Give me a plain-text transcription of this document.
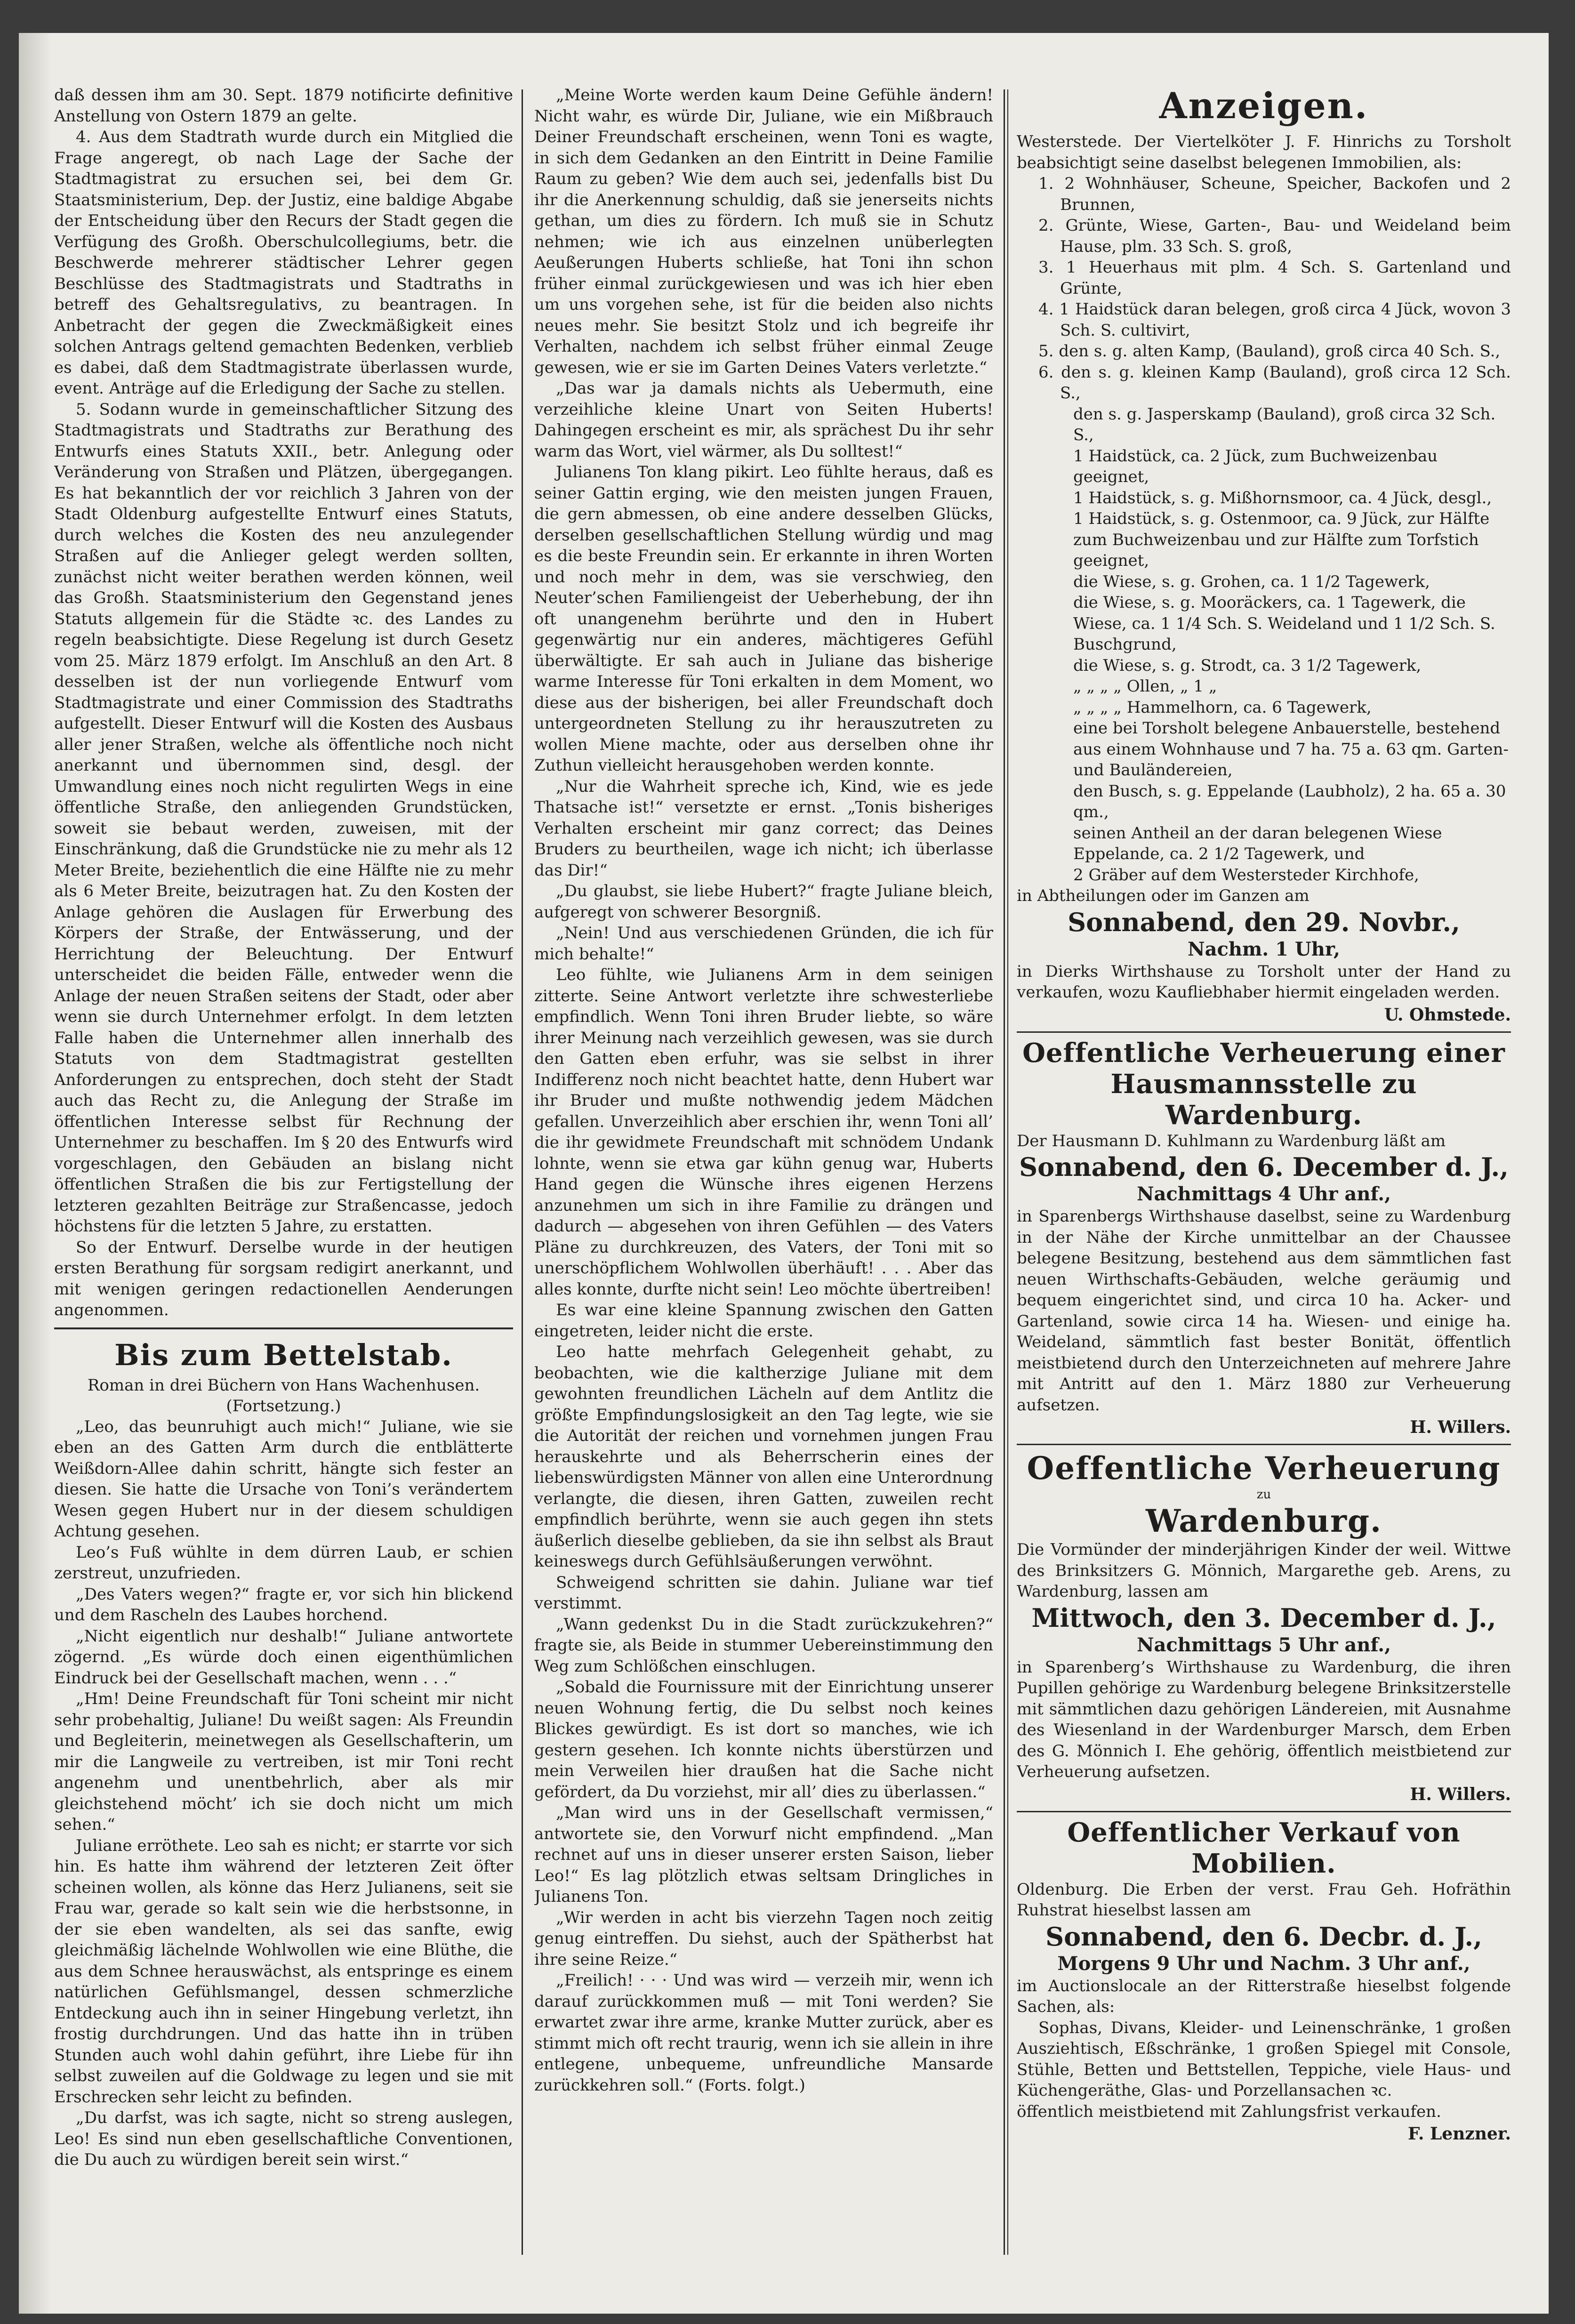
daß dessen ihm am 30. Sept. 1879 notificirte definitive Anstellung von Ostern 1879 an gelte.

4. Aus dem Stadtrath wurde durch ein Mitglied die Frage angeregt, ob nach Lage der Sache der Stadtmagistrat zu ersuchen sei, bei dem Gr. Staatsministerium, Dep. der Justiz, eine baldige Abgabe der Entscheidung über den Recurs der Stadt gegen die Verfügung des Großh. Oberschulcollegiums, betr. die Beschwerde mehrerer städtischer Lehrer gegen Beschlüsse des Stadtmagistrats und Stadtraths in betreff des Gehaltsregulativs, zu beantragen. In Anbetracht der gegen die Zweckmäßigkeit eines solchen Antrags geltend gemachten Bedenken, verblieb es dabei, daß dem Stadtmagistrate überlassen wurde, event. Anträge auf die Erledigung der Sache zu stellen.

5. Sodann wurde in gemeinschaftlicher Sitzung des Stadtmagistrats und Stadtraths zur Berathung des Entwurfs eines Statuts XXII., betr. Anlegung oder Veränderung von Straßen und Plätzen, übergegangen. Es hat bekanntlich der vor reichlich 3 Jahren von der Stadt Oldenburg aufgestellte Entwurf eines Statuts, durch welches die Kosten des neu anzulegender Straßen auf die Anlieger gelegt werden sollten, zunächst nicht weiter berathen werden können, weil das Großh. Staatsministerium den Gegenstand jenes Statuts allgemein für die Städte ꝛc. des Landes zu regeln beabsichtigte. Diese Regelung ist durch Gesetz vom 25. März 1879 erfolgt. Im Anschluß an den Art. 8 desselben ist der nun vorliegende Entwurf vom Stadtmagistrate und einer Commission des Stadtraths aufgestellt. Dieser Entwurf will die Kosten des Ausbaus aller jener Straßen, welche als öffentliche noch nicht anerkannt und übernommen sind, desgl. der Umwandlung eines noch nicht regulirten Wegs in eine öffentliche Straße, den anliegenden Grundstücken, soweit sie bebaut werden, zuweisen, mit der Einschränkung, daß die Grundstücke nie zu mehr als 12 Meter Breite, beziehentlich die eine Hälfte nie zu mehr als 6 Meter Breite, beizutragen hat. Zu den Kosten der Anlage gehören die Auslagen für Erwerbung des Körpers der Straße, der Entwässerung, und der Herrichtung der Beleuchtung. Der Entwurf unterscheidet die beiden Fälle, entweder wenn die Anlage der neuen Straßen seitens der Stadt, oder aber wenn sie durch Unternehmer erfolgt. In dem letzten Falle haben die Unternehmer allen innerhalb des Statuts von dem Stadtmagistrat gestellten Anforderungen zu entsprechen, doch steht der Stadt auch das Recht zu, die Anlegung der Straße im öffentlichen Interesse selbst für Rechnung der Unternehmer zu beschaffen. Im § 20 des Entwurfs wird vorgeschlagen, den Gebäuden an bislang nicht öffentlichen Straßen die bis zur Fertigstellung der letzteren gezahlten Beiträge zur Straßencasse, jedoch höchstens für die letzten 5 Jahre, zu erstatten.

So der Entwurf. Derselbe wurde in der heutigen ersten Berathung für sorgsam redigirt anerkannt, und mit wenigen geringen redactionellen Aenderungen angenommen.

Bis zum Bettelstab.
Roman in drei Büchern von Hans Wachenhusen.
(Fortsetzung.)

„Leo, das beunruhigt auch mich!“ Juliane, wie sie eben an des Gatten Arm durch die entblätterte Weißdorn-Allee dahin schritt, hängte sich fester an diesen. Sie hatte die Ursache von Toni’s verändertem Wesen gegen Hubert nur in der diesem schuldigen Achtung gesehen.

Leo’s Fuß wühlte in dem dürren Laub, er schien zerstreut, unzufrieden.

„Des Vaters wegen?“ fragte er, vor sich hin blickend und dem Rascheln des Laubes horchend.

„Nicht eigentlich nur deshalb!“ Juliane antwortete zögernd. „Es würde doch einen eigenthümlichen Eindruck bei der Gesellschaft machen, wenn . . .“

„Hm! Deine Freundschaft für Toni scheint mir nicht sehr probehaltig, Juliane! Du weißt sagen: Als Freundin und Begleiterin, meinetwegen als Gesellschafterin, um mir die Langweile zu vertreiben, ist mir Toni recht angenehm und unentbehrlich, aber als mir gleichstehend möcht’ ich sie doch nicht um mich sehen.“

Juliane erröthete. Leo sah es nicht; er starrte vor sich hin. Es hatte ihm während der letzteren Zeit öfter scheinen wollen, als könne das Herz Julianens, seit sie Frau war, gerade so kalt sein wie die herbstsonne, in der sie eben wandelten, als sei das sanfte, ewig gleichmäßig lächelnde Wohlwollen wie eine Blüthe, die aus dem Schnee herauswächst, als entspringe es einem natürlichen Gefühlsmangel, dessen schmerzliche Entdeckung auch ihn in seiner Hingebung verletzt, ihn frostig durchdrungen. Und das hatte ihn in trüben Stunden auch wohl dahin geführt, ihre Liebe für ihn selbst zuweilen auf die Goldwage zu legen und sie mit Erschrecken sehr leicht zu befinden.

„Du darfst, was ich sagte, nicht so streng auslegen, Leo! Es sind nun eben gesellschaftliche Conventionen, die Du auch zu würdigen bereit sein wirst.“

„Meine Worte werden kaum Deine Gefühle ändern! Nicht wahr, es würde Dir, Juliane, wie ein Mißbrauch Deiner Freundschaft erscheinen, wenn Toni es wagte, in sich dem Gedanken an den Eintritt in Deine Familie Raum zu geben? Wie dem auch sei, jedenfalls bist Du ihr die Anerkennung schuldig, daß sie jenerseits nichts gethan, um dies zu fördern. Ich muß sie in Schutz nehmen; wie ich aus einzelnen unüberlegten Aeußerungen Huberts schließe, hat Toni ihn schon früher einmal zurückgewiesen und was ich hier eben um uns vorgehen sehe, ist für die beiden also nichts neues mehr. Sie besitzt Stolz und ich begreife ihr Verhalten, nachdem ich selbst früher einmal Zeuge gewesen, wie er sie im Garten Deines Vaters verletzte.“

„Das war ja damals nichts als Uebermuth, eine verzeihliche kleine Unart von Seiten Huberts! Dahingegen erscheint es mir, als sprächest Du ihr sehr warm das Wort, viel wärmer, als Du solltest!“

Julianens Ton klang pikirt. Leo fühlte heraus, daß es seiner Gattin erging, wie den meisten jungen Frauen, die gern abmessen, ob eine andere desselben Glücks, derselben gesellschaftlichen Stellung würdig und mag es die beste Freundin sein. Er erkannte in ihren Worten und noch mehr in dem, was sie verschwieg, den Neuter’schen Familiengeist der Ueberhebung, der ihn oft unangenehm berührte und den in Hubert gegenwärtig nur ein anderes, mächtigeres Gefühl überwältigte. Er sah auch in Juliane das bisherige warme Interesse für Toni erkalten in dem Moment, wo diese aus der bisherigen, bei aller Freundschaft doch untergeordneten Stellung zu ihr herauszutreten zu wollen Miene machte, oder aus derselben ohne ihr Zuthun vielleicht herausgehoben werden konnte.

„Nur die Wahrheit spreche ich, Kind, wie es jede Thatsache ist!“ versetzte er ernst. „Tonis bisheriges Verhalten erscheint mir ganz correct; das Deines Bruders zu beurtheilen, wage ich nicht; ich überlasse das Dir!“

„Du glaubst, sie liebe Hubert?“ fragte Juliane bleich, aufgeregt von schwerer Besorgniß.

„Nein! Und aus verschiedenen Gründen, die ich für mich behalte!“

Leo fühlte, wie Julianens Arm in dem seinigen zitterte. Seine Antwort verletzte ihre schwesterliebe empfindlich. Wenn Toni ihren Bruder liebte, so wäre ihrer Meinung nach verzeihlich gewesen, was sie durch den Gatten eben erfuhr, was sie selbst in ihrer Indifferenz noch nicht beachtet hatte, denn Hubert war ihr Bruder und mußte nothwendig jedem Mädchen gefallen. Unverzeihlich aber erschien ihr, wenn Toni all’ die ihr gewidmete Freundschaft mit schnödem Undank lohnte, wenn sie etwa gar kühn genug war, Huberts Hand gegen die Wünsche ihres eigenen Herzens anzunehmen um sich in ihre Familie zu drängen und dadurch — abgesehen von ihren Gefühlen — des Vaters Pläne zu durchkreuzen, des Vaters, der Toni mit so unerschöpflichem Wohlwollen überhäuft! . . . Aber das alles konnte, durfte nicht sein! Leo möchte übertreiben!

Es war eine kleine Spannung zwischen den Gatten eingetreten, leider nicht die erste.

Leo hatte mehrfach Gelegenheit gehabt, zu beobachten, wie die kaltherzige Juliane mit dem gewohnten freundlichen Lächeln auf dem Antlitz die größte Empfindungslosigkeit an den Tag legte, wie sie die Autorität der reichen und vornehmen jungen Frau herauskehrte und als Beherrscherin eines der liebenswürdigsten Männer von allen eine Unterordnung verlangte, die diesen, ihren Gatten, zuweilen recht empfindlich berührte, wenn sie auch gegen ihn stets äußerlich dieselbe geblieben, da sie ihn selbst als Braut keineswegs durch Gefühlsäußerungen verwöhnt.

Schweigend schritten sie dahin. Juliane war tief verstimmt.

„Wann gedenkst Du in die Stadt zurückzukehren?“ fragte sie, als Beide in stummer Uebereinstimmung den Weg zum Schlößchen einschlugen.

„Sobald die Fournissure mit der Einrichtung unserer neuen Wohnung fertig, die Du selbst noch keines Blickes gewürdigt. Es ist dort so manches, wie ich gestern gesehen. Ich konnte nichts überstürzen und mein Verweilen hier draußen hat die Sache nicht gefördert, da Du vorziehst, mir all’ dies zu überlassen.“

„Man wird uns in der Gesellschaft vermissen,“ antwortete sie, den Vorwurf nicht empfindend. „Man rechnet auf uns in dieser unserer ersten Saison, lieber Leo!“ Es lag plötzlich etwas seltsam Dringliches in Julianens Ton.

„Wir werden in acht bis vierzehn Tagen noch zeitig genug eintreffen. Du siehst, auch der Spätherbst hat ihre seine Reize.“

„Freilich! · · · Und was wird — verzeih mir, wenn ich darauf zurückkommen muß — mit Toni werden? Sie erwartet zwar ihre arme, kranke Mutter zurück, aber es stimmt mich oft recht traurig, wenn ich sie allein in ihre entlegene, unbequeme, unfreundliche Mansarde zurückkehren soll.“ (Forts. folgt.)

Anzeigen.

Westerstede. Der Viertelköter J. F. Hinrichs zu Torsholt beabsichtigt seine daselbst belegenen Immobilien, als:

1. 2 Wohnhäuser, Scheune, Speicher, Backofen und 2 Brunnen,

2. Grünte, Wiese, Garten-, Bau- und Weideland beim Hause, plm. 33 Sch. S. groß,

3. 1 Heuerhaus mit plm. 4 Sch. S. Gartenland und Grünte,

4. 1 Haidstück daran belegen, groß circa 4 Jück, wovon 3 Sch. S. cultivirt,

5. den s. g. alten Kamp, (Bauland), groß circa 40 Sch. S.,

6. den s. g. kleinen Kamp (Bauland), groß circa 12 Sch. S.,

den s. g. Jasperskamp (Bauland), groß circa 32 Sch. S.,

1 Haidstück, ca. 2 Jück, zum Buchweizenbau geeignet,

1 Haidstück, s. g. Mißhornsmoor, ca. 4 Jück, desgl.,

1 Haidstück, s. g. Ostenmoor, ca. 9 Jück, zur Hälfte zum Buchweizenbau und zur Hälfte zum Torfstich geeignet,

die Wiese, s. g. Grohen, ca. 1 1/2 Tagewerk,

die Wiese, s. g. Mooräckers, ca. 1 Tagewerk, die Wiese, ca. 1 1/4 Sch. S. Weideland und 1 1/2 Sch. S. Buschgrund,

die Wiese, s. g. Strodt, ca. 3 1/2 Tagewerk,

„ „ „ „ Ollen, „ 1 „

„ „ „ „ Hammelhorn, ca. 6 Tagewerk,

eine bei Torsholt belegene Anbauerstelle, bestehend aus einem Wohnhause und 7 ha. 75 a. 63 qm. Garten- und Bauländereien,

den Busch, s. g. Eppelande (Laubholz), 2 ha. 65 a. 30 qm.,

seinen Antheil an der daran belegenen Wiese Eppelande, ca. 2 1/2 Tagewerk, und

2 Gräber auf dem Westersteder Kirchhofe,

in Abtheilungen oder im Ganzen am

Sonnabend, den 29. Novbr.,
Nachm. 1 Uhr,

in Dierks Wirthshause zu Torsholt unter der Hand zu verkaufen, wozu Kaufliebhaber hiermit eingeladen werden.

U. Ohmstede.

Oeffentliche Verheuerung einer
Hausmannsstelle zu Wardenburg.

Der Hausmann D. Kuhlmann zu Wardenburg läßt am

Sonnabend, den 6. December d. J.,
Nachmittags 4 Uhr anf.,

in Sparenbergs Wirthshause daselbst, seine zu Wardenburg in der Nähe der Kirche unmittelbar an der Chaussee belegene Besitzung, bestehend aus dem sämmtlichen fast neuen Wirthschafts-Gebäuden, welche geräumig und bequem eingerichtet sind, und circa 10 ha. Acker- und Gartenland, sowie circa 14 ha. Wiesen- und einige ha. Weideland, sämmtlich fast bester Bonität, öffentlich meistbietend durch den Unterzeichneten auf mehrere Jahre mit Antritt auf den 1. März 1880 zur Verheuerung aufsetzen.

H. Willers.

Oeffentliche Verheuerung
zu
Wardenburg.

Die Vormünder der minderjährigen Kinder der weil. Wittwe des Brinksitzers G. Mönnich, Margarethe geb. Arens, zu Wardenburg, lassen am

Mittwoch, den 3. December d. J.,
Nachmittags 5 Uhr anf.,

in Sparenberg’s Wirthshause zu Wardenburg, die ihren Pupillen gehörige zu Wardenburg belegene Brinksitzerstelle mit sämmtlichen dazu gehörigen Ländereien, mit Ausnahme des Wiesenland in der Wardenburger Marsch, dem Erben des G. Mönnich I. Ehe gehörig, öffentlich meistbietend zur Verheuerung aufsetzen.

H. Willers.

Oeffentlicher Verkauf von Mobilien.

Oldenburg. Die Erben der verst. Frau Geh. Hofräthin Ruhstrat hieselbst lassen am

Sonnabend, den 6. Decbr. d. J.,
Morgens 9 Uhr und Nachm. 3 Uhr anf.,

im Auctionslocale an der Ritterstraße hieselbst folgende Sachen, als:

Sophas, Divans, Kleider- und Leinenschränke, 1 großen Ausziehtisch, Eßschränke, 1 großen Spiegel mit Console, Stühle, Betten und Bettstellen, Teppiche, viele Haus- und Küchengeräthe, Glas- und Porzellansachen ꝛc.

öffentlich meistbietend mit Zahlungsfrist verkaufen.

F. Lenzner.
